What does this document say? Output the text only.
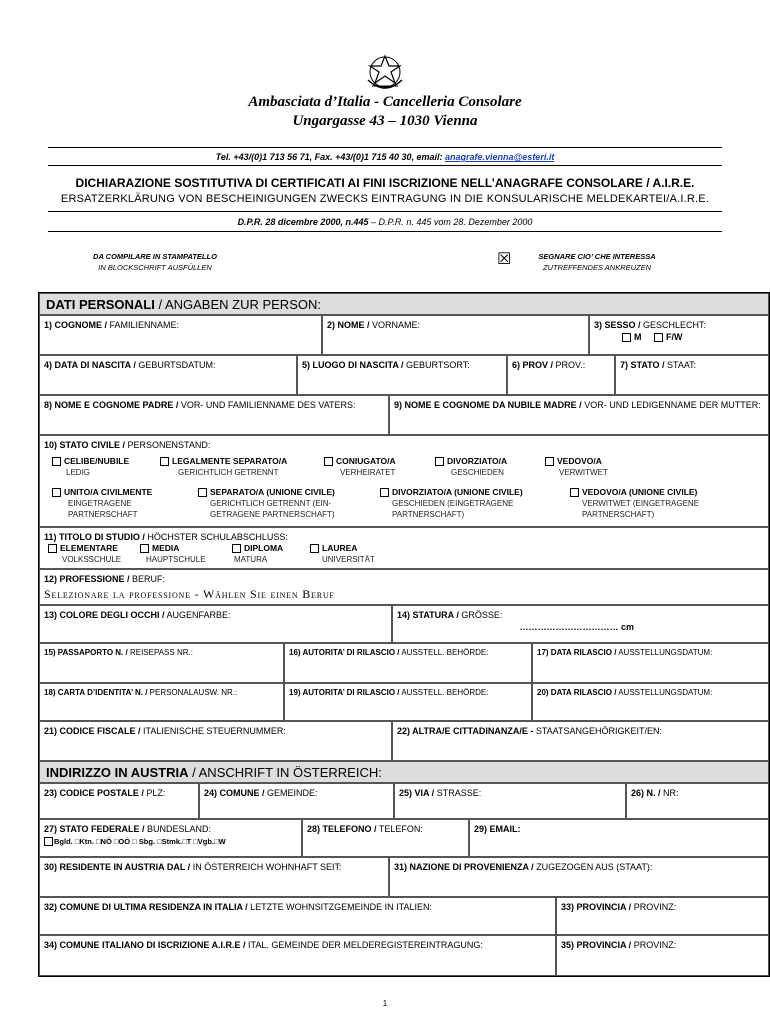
Ambasciata d’Italia - Cancelleria Consolare
Ungargasse 43 – 1030 Vienna
Tel. +43/(0)1 713 56 71, Fax. +43/(0)1 715 40 30, email: anagrafe.vienna@esteri.it
DICHIARAZIONE SOSTITUTIVA DI CERTIFICATI AI FINI ISCRIZIONE NELL’ANAGRAFE CONSOLARE / A.I.R.E.
ERSATZERKLÄRUNG VON BESCHEINIGUNGEN ZWECKS EINTRAGUNG IN DIE KONSULARISCHE MELDEKARTEI/A.I.R.E.
D.P.R. 28 dicembre 2000, n.445 – D.P.R. n. 445 vom 28. Dezember 2000
DA COMPILARE IN STAMPATELLO
IN BLOCKSCHRIFT AUSFÜLLEN	☒	SEGNARE CIO’ CHE INTERESSA
ZUTREFFENDES ANKREUZEN
DATI PERSONALI / ANGABEN ZUR PERSON:
1) COGNOME / FAMILIENNAME:	2) NOME / VORNAME:	3) SESSO / GESCHLECHT:
M	F/W
4) DATA DI NASCITA / GEBURTSDATUM:	5) LUOGO DI NASCITA / GEBURTSORT:	6) PROV / PROV.:	7) STATO / STAAT:
8) NOME E COGNOME PADRE / VOR- UND FAMILIENNAME DES VATERS:	9) NOME E COGNOME DA NUBILE MADRE / VOR- UND LEDIGENNAME DER MUTTER:
10) STATO CIVILE / PERSONENSTAND:
CELIBE/NUBILE
LEDIG
LEGALMENTE SEPARATO/A
GERICHTLICH GETRENNT
CONIUGATO/A
VERHEIRATET
DIVORZIATO/A
GESCHIEDEN
VEDOVO/A
VERWITWET
UNITO/A CIVILMENTE

EINGETRAGENE PARTNERSCHAFT
SEPARATO/A (UNIONE CIVILE)

GERICHTLICH GETRENNT (EIN-GETRAGENE PARTNERSCHAFT)
DIVORZIATO/A (UNIONE CIVILE)

GESCHIEDEN (EINGETRAGENE PARTNERSCHAFT)
VEDOVO/A (UNIONE CIVILE)

VERWITWET (EINGETRAGENE PARTNERSCHAFT)
11) TITOLO DI STUDIO / HÖCHSTER SCHULABSCHLUSS:
ELEMENTARE
VOLKSSCHULE
MEDIA
HAUPTSCHULE
DIPLOMA
MATURA
LAUREA
UNIVERSITÄT
12) PROFESSIONE / BERUF:
Selezionare la professione - Wählen Sie einen Beruf
13) COLORE DEGLI OCCHI / AUGENFARBE:	14) STATURA / GRÖSSE:

…………………………… cm
15) PASSAPORTO N. / REISEPASS NR.:	16) AUTORITA’ DI RILASCIO / AUSSTELL. BEHÖRDE:	17) DATA RILASCIO / AUSSTELLUNGSDATUM:
18) CARTA D’IDENTITA’ N. / PERSONALAUSW. NR.:	19) AUTORITA’ DI RILASCIO / AUSSTELL. BEHÖRDE:	20) DATA RILASCIO / AUSSTELLUNGSDATUM:
21) CODICE FISCALE / ITALIENISCHE STEUERNUMMER:	22) ALTRA/E CITTADINANZA/E - STAATSANGEHÖRIGKEIT/EN:
INDIRIZZO IN AUSTRIA / ANSCHRIFT IN ÖSTERREICH:
23) CODICE POSTALE / PLZ:	24) COMUNE / GEMEINDE:	25) VIA / STRASSE:	26) N. / NR:
27) STATO FEDERALE / BUNDESLAND:
Bgld. □Ktn. □NÖ □OÖ □ Sbg. □Stmk.□T □Vgb.□W
28) TELEFONO / TELEFON:	29) EMAIL:
30) RESIDENTE IN AUSTRIA DAL / IN ÖSTERREICH WOHNHAFT SEIT:	31) NAZIONE DI PROVENIENZA / ZUGEZOGEN AUS (STAAT):
32) COMUNE DI ULTIMA RESIDENZA IN ITALIA / LETZTE WOHNSITZGEMEINDE IN ITALIEN:	33) PROVINCIA / PROVINZ:
34) COMUNE ITALIANO DI ISCRIZIONE A.I.R.E / ITAL. GEMEINDE DER MELDEREGISTEREINTRAGUNG:	35) PROVINCIA / PROVINZ:
1
